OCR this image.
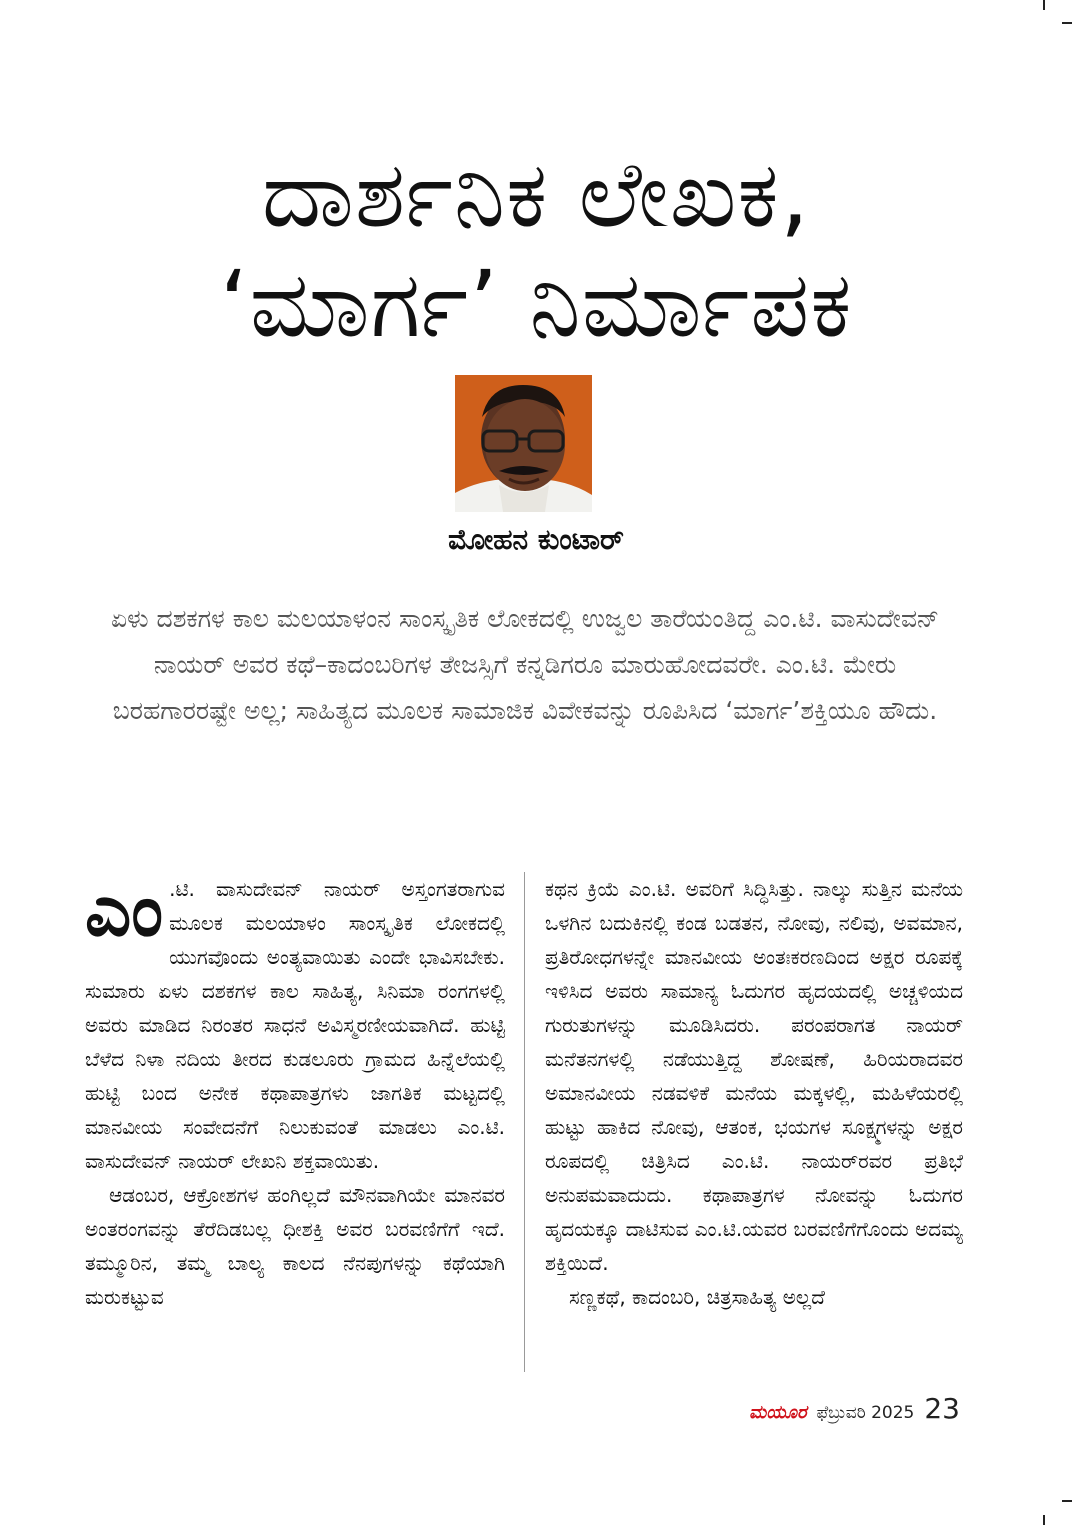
ದಾರ್ಶನಿಕ ಲೇಖಕ,
‘ಮಾರ್ಗ’ ನಿರ್ಮಾಪಕ
ಮೋಹನ ಕುಂಟಾರ್
ಏಳು ದಶಕಗಳ ಕಾಲ ಮಲಯಾಳಂನ ಸಾಂಸ್ಕೃತಿಕ ಲೋಕದಲ್ಲಿ ಉಜ್ವಲ ತಾರೆಯಂತಿದ್ದ ಎಂ.ಟಿ. ವಾಸುದೇವನ್ ನಾಯರ್ ಅವರ ಕಥೆ–ಕಾದಂಬರಿಗಳ ತೇಜಸ್ಸಿಗೆ ಕನ್ನಡಿಗರೂ ಮಾರುಹೋದವರೇ. ಎಂ.ಟಿ. ಮೇರು ಬರಹಗಾರರಷ್ಟೇ ಅಲ್ಲ; ಸಾಹಿತ್ಯದ ಮೂಲಕ ಸಾಮಾಜಿಕ ವಿವೇಕವನ್ನು ರೂಪಿಸಿದ ‘ಮಾರ್ಗ’ಶಕ್ತಿಯೂ ಹೌದು.

ಎಂ .ಟಿ. ವಾಸುದೇವನ್ ನಾಯರ್ ಅಸ್ತಂಗತರಾಗುವ ಮೂಲಕ ಮಲಯಾಳಂ ಸಾಂಸ್ಕೃತಿಕ ಲೋಕದಲ್ಲಿ ಯುಗವೊಂದು ಅಂತ್ಯವಾಯಿತು ಎಂದೇ ಭಾವಿಸಬೇಕು. ಸುಮಾರು ಏಳು ದಶಕಗಳ ಕಾಲ ಸಾಹಿತ್ಯ, ಸಿನಿಮಾ ರಂಗಗಳಲ್ಲಿ ಅವರು ಮಾಡಿದ ನಿರಂತರ ಸಾಧನೆ ಅವಿಸ್ಮರಣೀಯವಾಗಿದೆ. ಹುಟ್ಟಿ ಬೆಳೆದ ನಿಳಾ ನದಿಯ ತೀರದ ಕುಡಲೂರು ಗ್ರಾಮದ ಹಿನ್ನೆಲೆಯಲ್ಲಿ ಹುಟ್ಟಿ ಬಂದ ಅನೇಕ ಕಥಾಪಾತ್ರಗಳು ಜಾಗತಿಕ ಮಟ್ಟದಲ್ಲಿ ಮಾನವೀಯ ಸಂವೇದನೆಗೆ ನಿಲುಕುವಂತೆ ಮಾಡಲು ಎಂ.ಟಿ. ವಾಸುದೇವನ್ ನಾಯರ್ ಲೇಖನಿ ಶಕ್ತವಾಯಿತು.

ಆಡಂಬರ, ಆಕ್ರೋಶಗಳ ಹಂಗಿಲ್ಲದೆ ಮೌನವಾಗಿಯೇ ಮಾನವರ ಅಂತರಂಗವನ್ನು ತೆರೆದಿಡಬಲ್ಲ ಧೀಶಕ್ತಿ ಅವರ ಬರವಣಿಗೆಗೆ ಇದೆ. ತಮ್ಮೂರಿನ, ತಮ್ಮ ಬಾಲ್ಯ ಕಾಲದ ನೆನಪುಗಳನ್ನು ಕಥೆಯಾಗಿ ಮರುಕಟ್ಟುವ

ಕಥನ ಕ್ರಿಯೆ ಎಂ.ಟಿ. ಅವರಿಗೆ ಸಿದ್ಧಿಸಿತ್ತು. ನಾಲ್ಕು ಸುತ್ತಿನ ಮನೆಯ ಒಳಗಿನ ಬದುಕಿನಲ್ಲಿ ಕಂಡ ಬಡತನ, ನೋವು, ನಲಿವು, ಅವಮಾನ, ಪ್ರತಿರೋಧಗಳನ್ನೇ ಮಾನವೀಯ ಅಂತಃಕರಣದಿಂದ ಅಕ್ಷರ ರೂಪಕ್ಕೆ ಇಳಿಸಿದ ಅವರು ಸಾಮಾನ್ಯ ಓದುಗರ ಹೃದಯದಲ್ಲಿ ಅಚ್ಚಳಿಯದ ಗುರುತುಗಳನ್ನು ಮೂಡಿಸಿದರು. ಪರಂಪರಾಗತ ನಾಯರ್ ಮನೆತನಗಳಲ್ಲಿ ನಡೆಯುತ್ತಿದ್ದ ಶೋಷಣೆ, ಹಿರಿಯರಾದವರ ಅಮಾನವೀಯ ನಡವಳಿಕೆ ಮನೆಯ ಮಕ್ಕಳಲ್ಲಿ, ಮಹಿಳೆಯರಲ್ಲಿ ಹುಟ್ಟು ಹಾಕಿದ ನೋವು, ಆತಂಕ, ಭಯಗಳ ಸೂಕ್ಷ್ಮಗಳನ್ನು ಅಕ್ಷರ ರೂಪದಲ್ಲಿ ಚಿತ್ರಿಸಿದ ಎಂ.ಟಿ. ನಾಯರ್‌ರವರ ಪ್ರತಿಭೆ ಅನುಪಮವಾದುದು. ಕಥಾಪಾತ್ರಗಳ ನೋವನ್ನು ಓದುಗರ ಹೃದಯಕ್ಕೂ ದಾಟಿಸುವ ಎಂ.ಟಿ.ಯವರ ಬರವಣಿಗೆಗೊಂದು ಅದಮ್ಯ ಶಕ್ತಿಯಿದೆ.

ಸಣ್ಣಕಥೆ, ಕಾದಂಬರಿ, ಚಿತ್ರಸಾಹಿತ್ಯ ಅಲ್ಲದೆ

ಮಯೂರ ಫೆಬ್ರುವರಿ 2025 23
